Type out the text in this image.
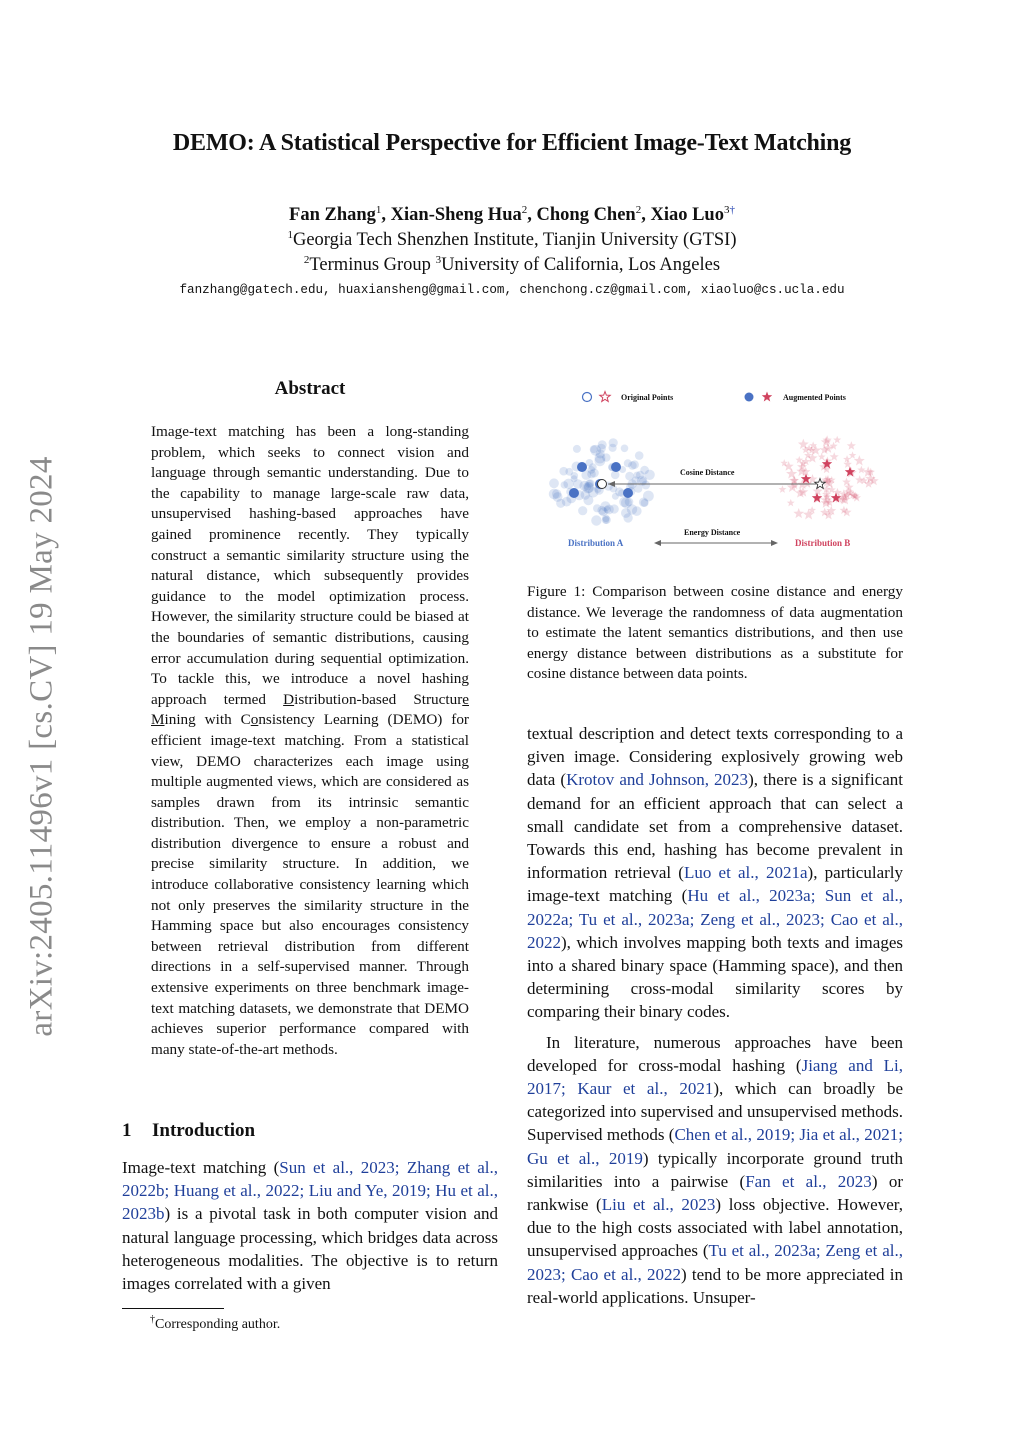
arXiv:2405.11496v1 [cs.CV] 19 May 2024
DEMO: A Statistical Perspective for Efficient Image-Text Matching
Fan Zhang$^1$, Xian-Sheng Hua$^2$, Chong Chen$^2$, Xiao Luo$^{3\dagger}$
$^1$Georgia Tech Shenzhen Institute, Tianjin University (GTSI)
$^2$Terminus Group $^3$University of California, Los Angeles
fanzhang@gatech.edu, huaxiansheng@gmail.com, chenchong.cz@gmail.com, xiaoluo@cs.ucla.edu
Abstract
Image-text matching has been a long-standing problem, which seeks to connect vision and language through semantic understanding. Due to the capability to manage large-scale raw data, unsupervised hashing-based approaches have gained prominence recently. They typically construct a semantic similarity structure using the natural distance, which subsequently provides guidance to the model optimization process. However, the similarity structure could be biased at the boundaries of semantic distributions, causing error accumulation during sequential optimization. To tackle this, we introduce a novel hashing approach termed Distribution-based Structure Mining with Consistency Learning (DEMO) for efficient image-text matching. From a statistical view, DEMO characterizes each image using multiple augmented views, which are considered as samples drawn from its intrinsic semantic distribution. Then, we employ a non-parametric distribution divergence to ensure a robust and precise similarity structure. In addition, we introduce collaborative consistency learning which not only preserves the similarity structure in the Hamming space but also encourages consistency between retrieval distribution from different directions in a self-supervised manner. Through extensive experiments on three benchmark image-text matching datasets, we demonstrate that DEMO achieves superior performance compared with many state-of-the-art methods.
1 Introduction
Image-text matching (Sun et al., 2023; Zhang et al., 2022b; Huang et al., 2022; Liu and Ye, 2019; Hu et al., 2023b) is a pivotal task in both computer vision and natural language processing, which bridges data across heterogeneous modalities. The objective is to return images correlated with a given
†Corresponding author.
Original Points	Augmented Points
Cosine Distance
Energy Distance
Distribution A	Distribution B
Figure 1: Comparison between cosine distance and energy distance. We leverage the randomness of data augmentation to estimate the latent semantics distributions, and then use energy distance between distributions as a substitute for cosine distance between data points.

textual description and detect texts corresponding to a given image. Considering explosively growing web data (Krotov and Johnson, 2023), there is a significant demand for an efficient approach that can select a small candidate set from a comprehensive dataset. Towards this end, hashing has become prevalent in information retrieval (Luo et al., 2021a), particularly image-text matching (Hu et al., 2023a; Sun et al., 2022a; Tu et al., 2023a; Zeng et al., 2023; Cao et al., 2022), which involves mapping both texts and images into a shared binary space (Hamming space), and then determining cross-modal similarity scores by comparing their binary codes.

In literature, numerous approaches have been developed for cross-modal hashing (Jiang and Li, 2017; Kaur et al., 2021), which can broadly be categorized into supervised and unsupervised methods. Supervised methods (Chen et al., 2019; Jia et al., 2021; Gu et al., 2019) typically incorporate ground truth similarities into a pairwise (Fan et al., 2023) or rankwise (Liu et al., 2023) loss objective. However, due to the high costs associated with label annotation, unsupervised approaches (Tu et al., 2023a; Zeng et al., 2023; Cao et al., 2022) tend to be more appreciated in real-world applications. Unsuper-
